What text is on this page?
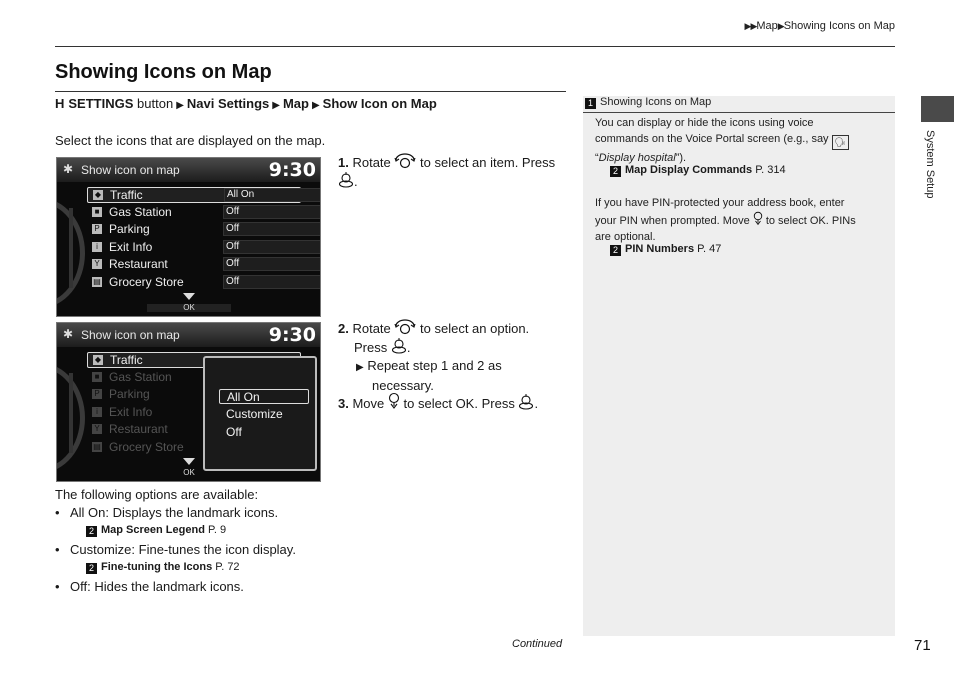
▶▶Map▶Showing Icons on Map
Showing Icons on Map
H SETTINGS button ▶ Navi Settings ▶ Map ▶ Show Icon on Map
Select the icons that are displayed on the map.
✱ Show icon on map	9:30
◆ Traffic	All On
■ Gas Station	Off
P Parking	Off
i Exit Info	Off
Y Restaurant	Off
▤ Grocery Store	Off
OK
✱ Show icon on map	9:30
◆ Traffic
■ Gas Station
P Parking
i Exit Info
Y Restaurant
▤ Grocery Store
OK
All On
Customize
Off
1. Rotate to select an item. Press
.
2. Rotate to select an option.
Press .
▶ Repeat step 1 and 2 as
necessary.
3. Move to select OK. Press .
The following options are available:
• All On: Displays the landmark icons.
2 Map Screen Legend P. 9
• Customize: Fine-tunes the icon display.
2 Fine-tuning the Icons P. 72
• Off: Hides the landmark icons.
1 Showing Icons on Map
You can display or hide the icons using voice
commands on the Voice Portal screen (e.g., say 🗣
“Display hospital”).
2 Map Display Commands P. 314
If you have PIN-protected your address book, enter
your PIN when prompted. Move to select OK. PINs
are optional.
2 PIN Numbers P. 47
System Setup
Continued	71
